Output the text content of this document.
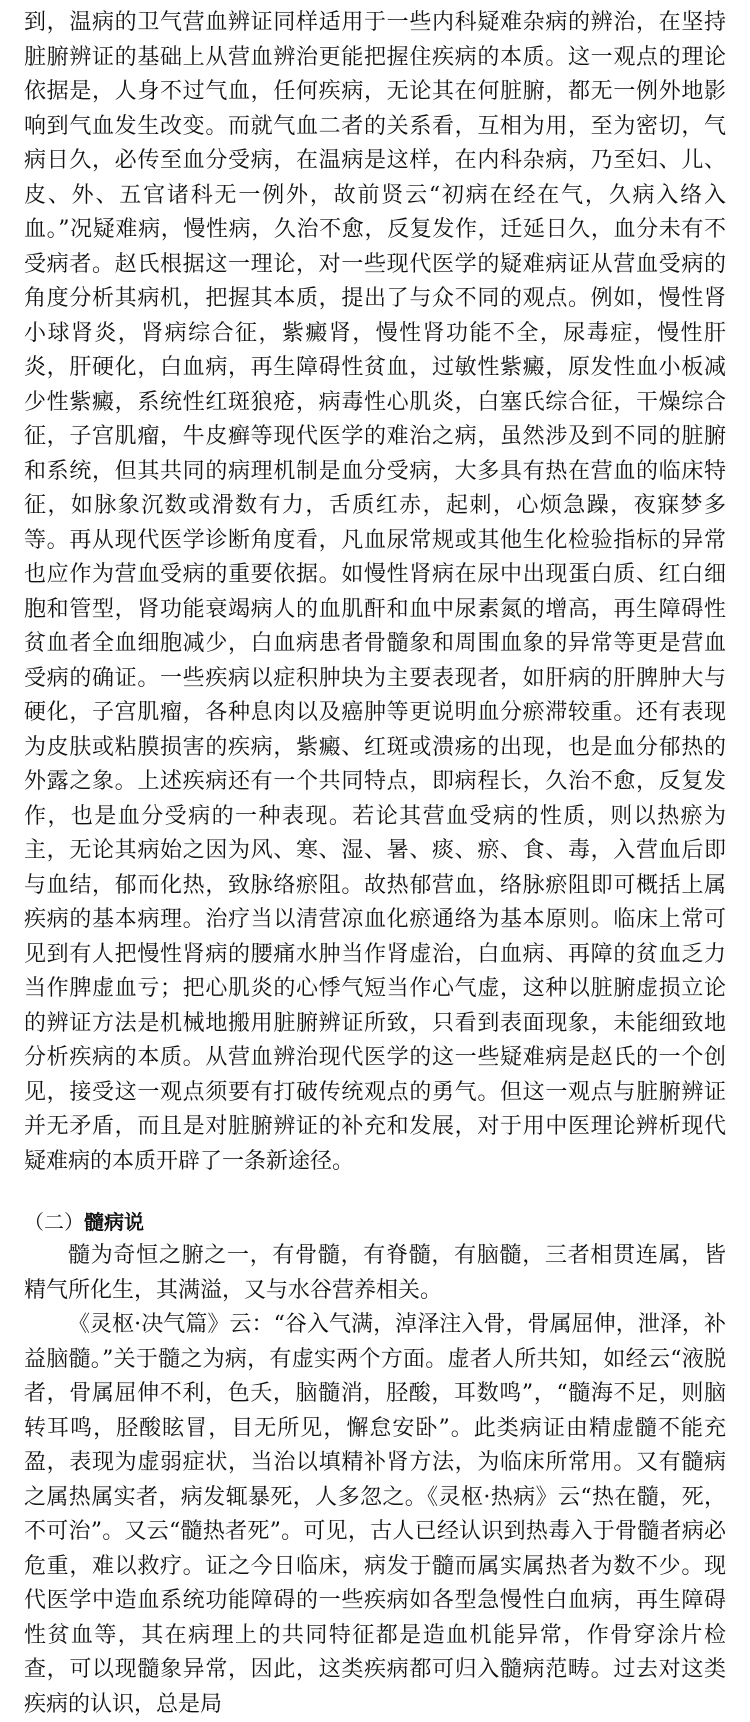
到，温病的卫气营血辨证同样适用于一些内科疑难杂病的辨治，在坚持脏腑辨证的基础上从营血辨治更能把握住疾病的本质。这一观点的理论依据是，人身不过气血，任何疾病，无论其在何脏腑，都无一例外地影响到气血发生改变。而就气血二者的关系看，互相为用，至为密切，气病日久，必传至血分受病，在温病是这样，在内科杂病，乃至妇、儿、皮、外、五官诸科无一例外，故前贤云“初病在经在气，久病入络入血。”况疑难病，慢性病，久治不愈，反复发作，迁延日久，血分未有不受病者。赵氏根据这一理论，对一些现代医学的疑难病证从营血受病的角度分析其病机，把握其本质，提出了与众不同的观点。例如，慢性肾小球肾炎，肾病综合征，紫癜肾，慢性肾功能不全，尿毒症，慢性肝炎，肝硬化，白血病，再生障碍性贫血，过敏性紫癜，原发性血小板减少性紫癜，系统性红斑狼疮，病毒性心肌炎，白塞氏综合征，干燥综合征，子宫肌瘤，牛皮癣等现代医学的难治之病，虽然涉及到不同的脏腑和系统，但其共同的病理机制是血分受病，大多具有热在营血的临床特征，如脉象沉数或滑数有力，舌质红赤，起刺，心烦急躁，夜寐梦多等。再从现代医学诊断角度看，凡血尿常规或其他生化检验指标的异常也应作为营血受病的重要依据。如慢性肾病在尿中出现蛋白质、红白细胞和管型，肾功能衰竭病人的血肌酐和血中尿素氮的增高，再生障碍性贫血者全血细胞减少，白血病患者骨髓象和周围血象的异常等更是营血受病的确证。一些疾病以症积肿块为主要表现者，如肝病的肝脾肿大与硬化，子宫肌瘤，各种息肉以及癌肿等更说明血分瘀滞较重。还有表现为皮肤或粘膜损害的疾病，紫癜、红斑或溃疡的出现，也是血分郁热的外露之象。上述疾病还有一个共同特点，即病程长，久治不愈，反复发作，也是血分受病的一种表现。若论其营血受病的性质，则以热瘀为主，无论其病始之因为风、寒、湿、暑、痰、瘀、食、毒，入营血后即与血结，郁而化热，致脉络瘀阻。故热郁营血，络脉瘀阻即可概括上属疾病的基本病理。治疗当以清营凉血化瘀通络为基本原则。临床上常可见到有人把慢性肾病的腰痛水肿当作肾虚治，白血病、再障的贫血乏力当作脾虚血亏；把心肌炎的心悸气短当作心气虚，这种以脏腑虚损立论的辨证方法是机械地搬用脏腑辨证所致，只看到表面现象，未能细致地分析疾病的本质。从营血辨治现代医学的这一些疑难病是赵氏的一个创见，接受这一观点须要有打破传统观点的勇气。但这一观点与脏腑辨证并无矛盾，而且是对脏腑辨证的补充和发展，对于用中医理论辨析现代疑难病的本质开辟了一条新途径。

（二）髓病说

髓为奇恒之腑之一，有骨髓，有脊髓，有脑髓，三者相贯连属，皆精气所化生，其满溢，又与水谷营养相关。

《灵枢·决气篇》云：“谷入气满，淖泽注入骨，骨属屈伸，泄泽，补益脑髓。”关于髓之为病，有虚实两个方面。虚者人所共知，如经云“液脱者，骨属屈伸不利，色夭，脑髓消，胫酸，耳数鸣”，“髓海不足，则脑转耳鸣，胫酸眩冒，目无所见，懈怠安卧”。此类病证由精虚髓不能充盈，表现为虚弱症状，当治以填精补肾方法，为临床所常用。又有髓病之属热属实者，病发辄暴死，人多忽之。《灵枢·热病》云“热在髓，死，不可治”。又云“髓热者死”。可见，古人已经认识到热毒入于骨髓者病必危重，难以救疗。证之今日临床，病发于髓而属实属热者为数不少。现代医学中造血系统功能障碍的一些疾病如各型急慢性白血病，再生障碍性贫血等，其在病理上的共同特征都是造血机能异常，作骨穿涂片检查，可以现髓象异常，因此，这类疾病都可归入髓病范畴。过去对这类疾病的认识，总是局
